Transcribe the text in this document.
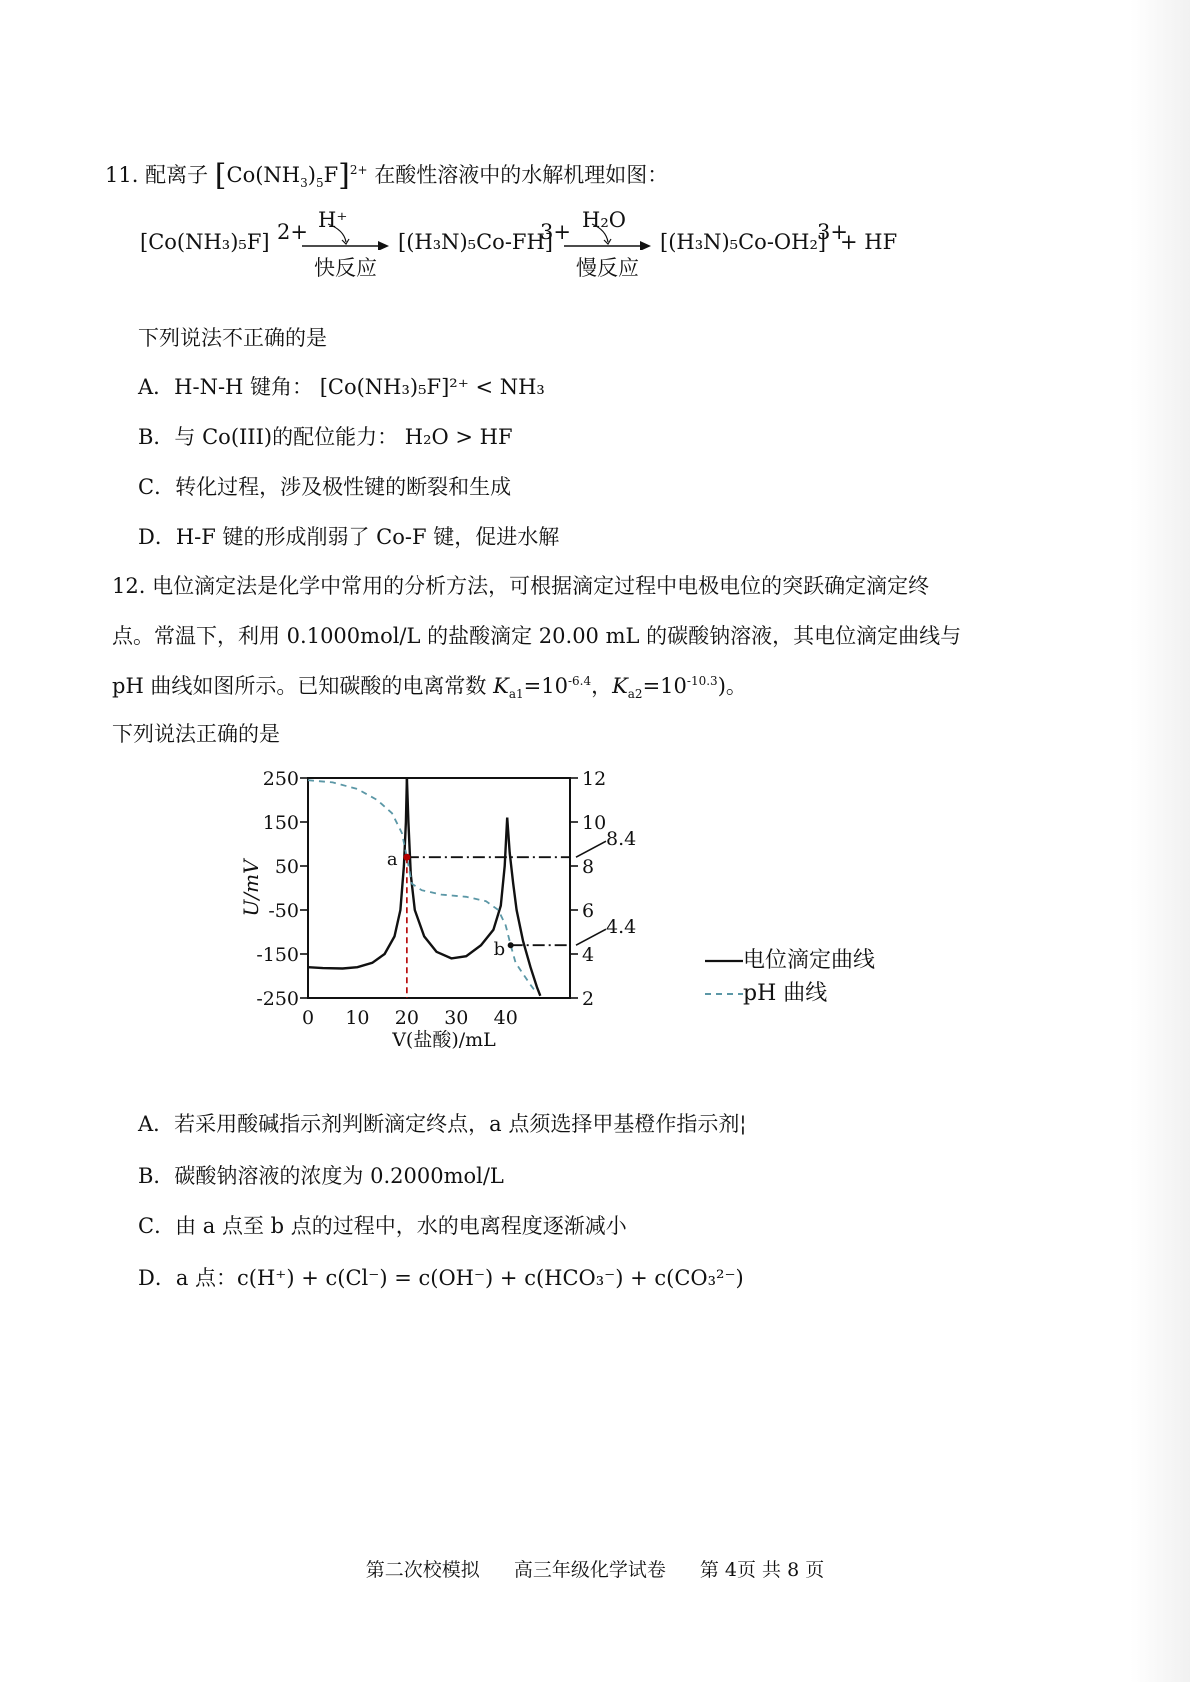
11. 配离子 $[Co(NH_3)_5F]^{2+}$ 在酸性溶液中的水解机理如图：
[Co(NH₃)₅F] 2+ H⁺
快反应
[(H₃N)₅Co-FH]
3+ H₂O
慢反应
[(H₃N)₅Co-OH₂]
3+
+ HF
下列说法不正确的是
A．H-N-H 键角： [Co(NH₃)₅F]²⁺ < NH₃
B．与 Co(III)的配位能力： H₂O > HF
C．转化过程，涉及极性键的断裂和生成
D．H-F 键的形成削弱了 Co-F 键，促进水解
12. 电位滴定法是化学中常用的分析方法，可根据滴定过程中电极电位的突跃确定滴定终
点。常温下，利用 0.1000mol/L 的盐酸滴定 20.00 mL 的碳酸钠溶液，其电位滴定曲线与
pH 曲线如图所示。已知碳酸的电离常数 $K_{a1}=10^{-6.4}$，$K_{a2}=10^{-10.3}$)。
下列说法正确的是
250
150
50
-50
-150
-250
12
10
8
6
4
2
0 10 20 30 40
U/mV
V(盐酸)/mL
a
b
8.4
4.4
电位滴定曲线
pH 曲线
A．若采用酸碱指示剂判断滴定终点，a 点须选择甲基橙作指示剂¦
B．碳酸钠溶液的浓度为 0.2000mol/L
C．由 a 点至 b 点的过程中，水的电离程度逐渐减小
D．a 点：c(H⁺) + c(Cl⁻) = c(OH⁻) + c(HCO₃⁻) + c(CO₃²⁻)
第二次校模拟 高三年级化学试卷 第 4页 共 8 页
